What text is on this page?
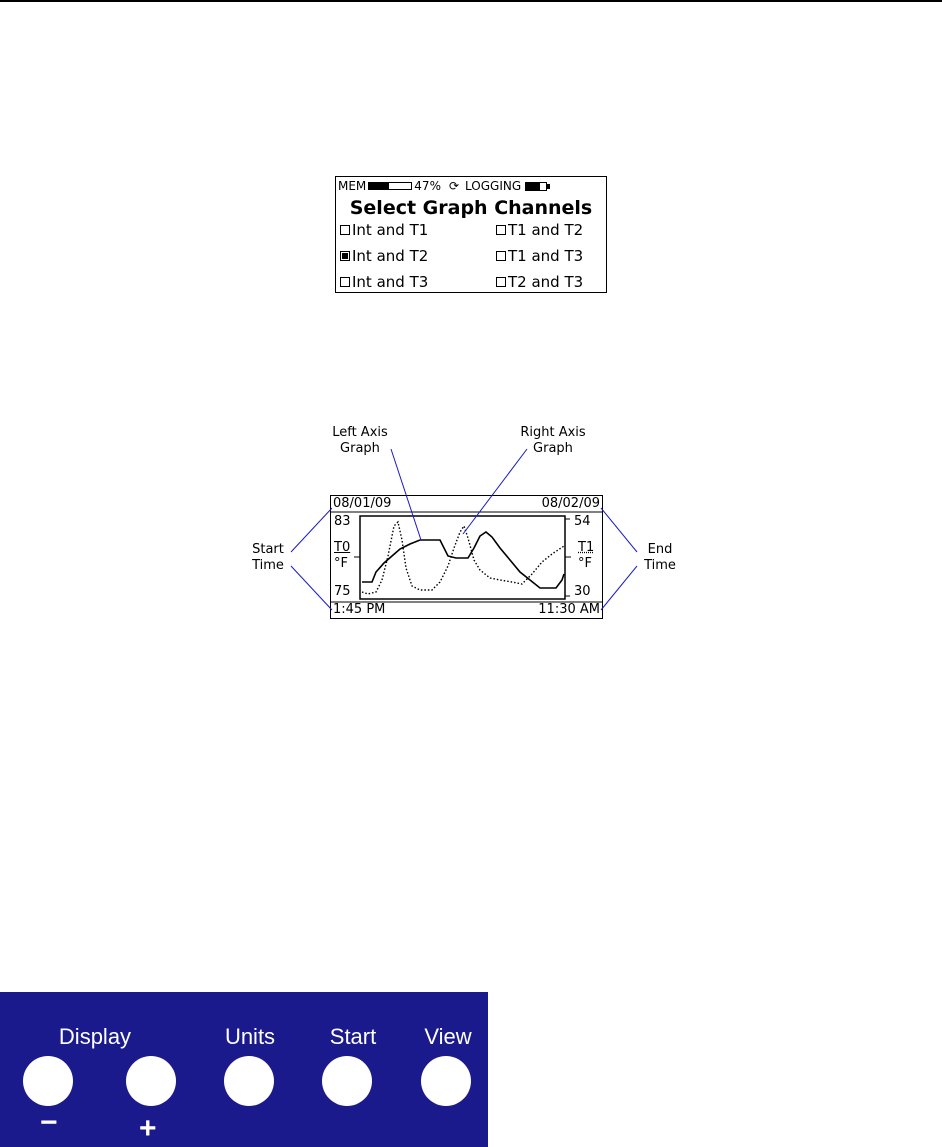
MEM	47% ⟳ LOGGING
Select Graph Channels
Int and T1	T1 and T2
Int and T2	T1 and T3
Int and T3	T2 and T3
Left Axis
Graph
Right Axis
Graph
Start
Time
End
Time
08/01/09	08/02/09
83
T0
°F
75
54
T1
°F
30
1:45 PM	11:30 AM
Display	Units	Start	View
−	+
